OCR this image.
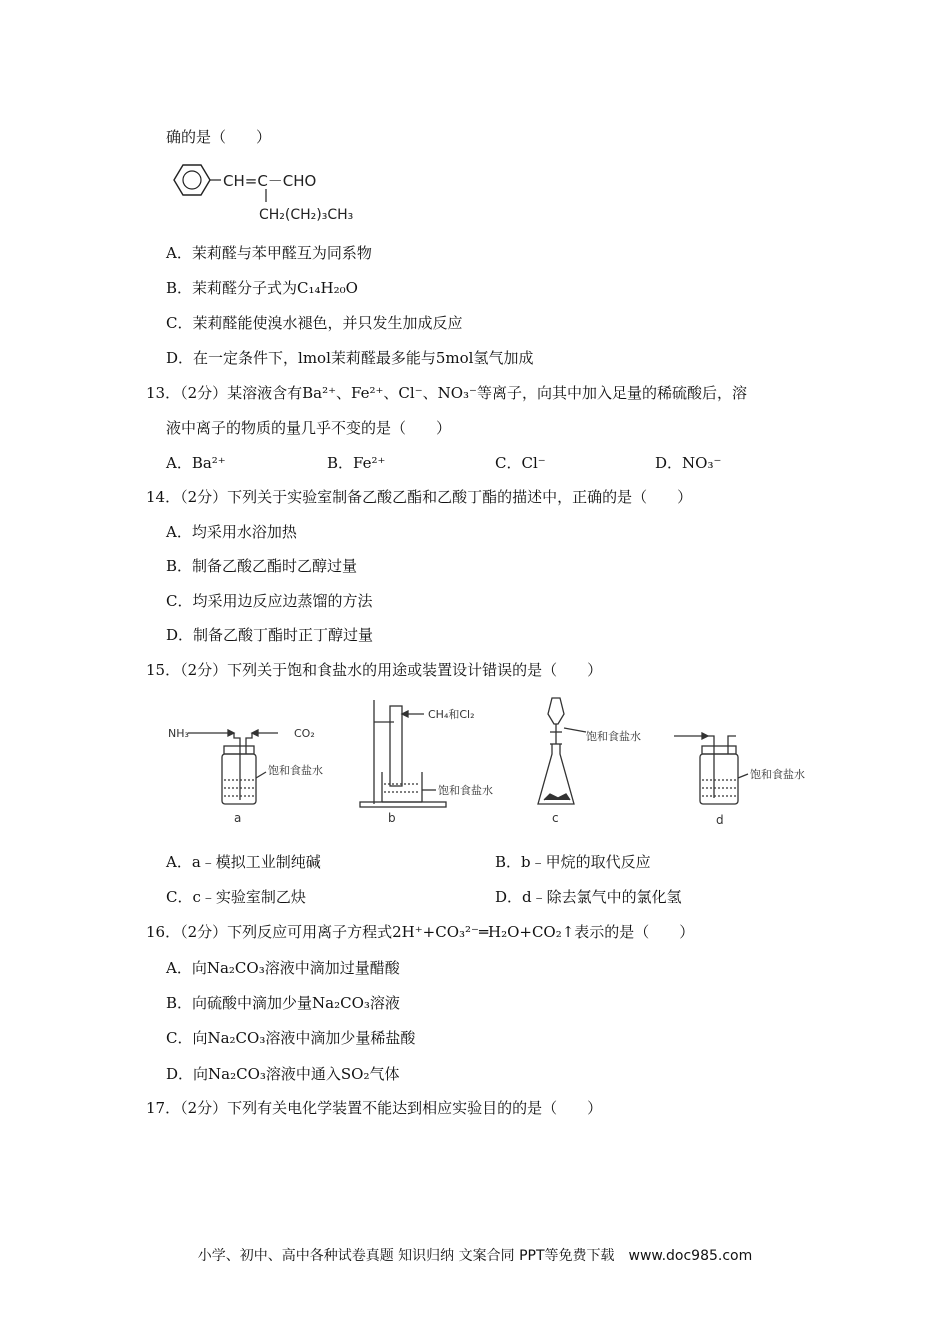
确的是（　　）
CH=C－CHO
CH₂(CH₂)₃CH₃
A．茉莉醛与苯甲醛互为同系物
B．茉莉醛分子式为C₁₄H₂₀O
C．茉莉醛能使溴水褪色，并只发生加成反应
D．在一定条件下，lmol茉莉醛最多能与5mol氢气加成
13．（2分）某溶液含有Ba²⁺、Fe²⁺、Cl⁻、NO₃⁻等离子，向其中加入足量的稀硫酸后，溶
液中离子的物质的量几乎不变的是（　　）
A．Ba²⁺	B．Fe²⁺	C．Cl⁻	D．NO₃⁻
14．（2分）下列关于实验室制备乙酸乙酯和乙酸丁酯的描述中，正确的是（　　）
A．均采用水浴加热
B．制备乙酸乙酯时乙醇过量
C．均采用边反应边蒸馏的方法
D．制备乙酸丁酯时正丁醇过量
15．（2分）下列关于饱和食盐水的用途或装置设计错误的是（　　）
NH₃	CO₂
饱和食盐水
a
CH₄和Cl₂
饱和食盐水
b
饱和食盐水
c
饱和食盐水
d
A．a﹣模拟工业制纯碱	B．b﹣甲烷的取代反应
C．c﹣实验室制乙炔	D．d﹣除去氯气中的氯化氢
16．（2分）下列反应可用离子方程式2H⁺+CO₃²⁻═H₂O+CO₂↑表示的是（　　）
A．向Na₂CO₃溶液中滴加过量醋酸
B．向硫酸中滴加少量Na₂CO₃溶液
C．向Na₂CO₃溶液中滴加少量稀盐酸
D．向Na₂CO₃溶液中通入SO₂气体
17．（2分）下列有关电化学装置不能达到相应实验目的的是（　　）
小学、初中、高中各种试卷真题 知识归纳 文案合同 PPT等免费下载　www.doc985.com
